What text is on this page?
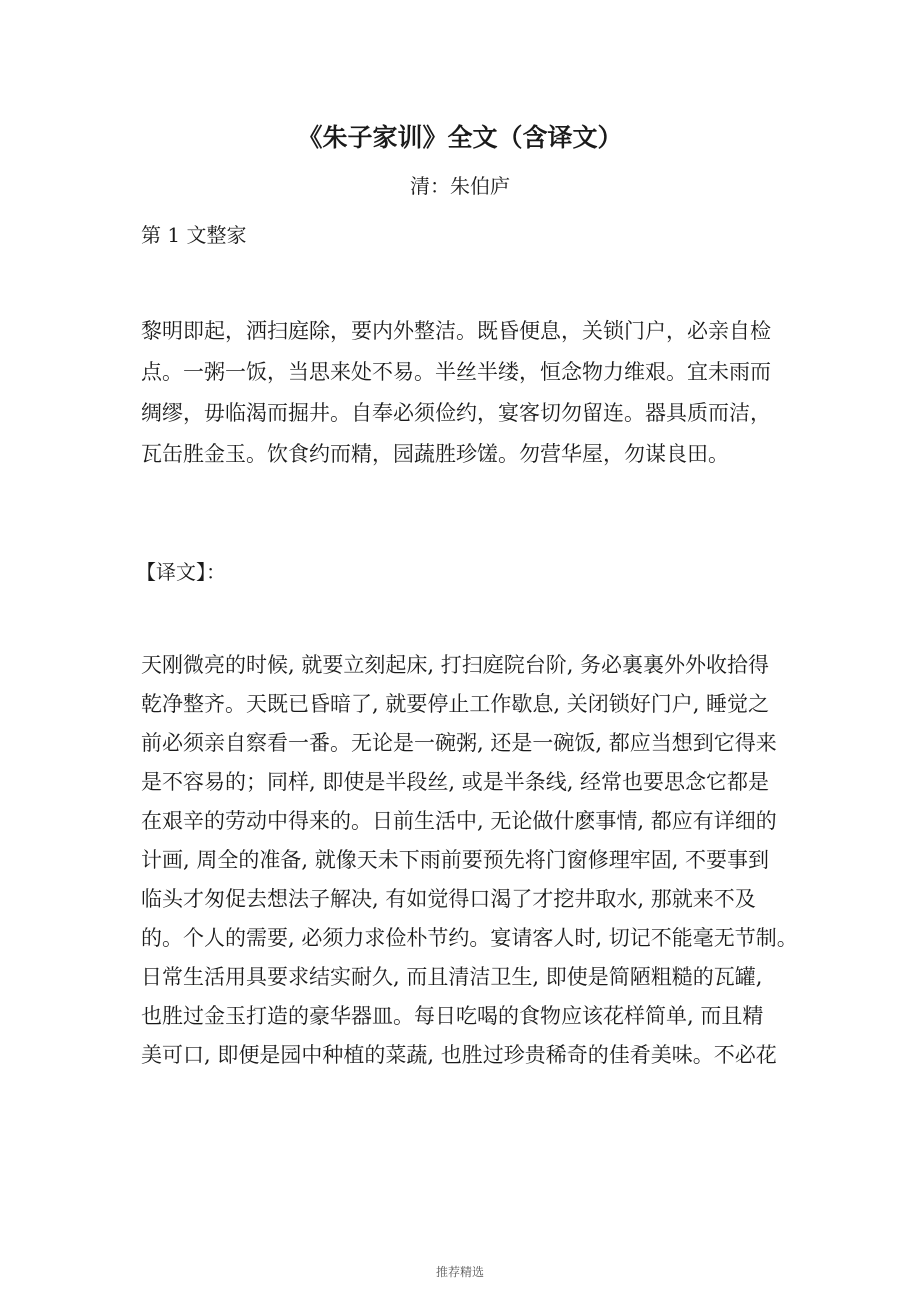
《朱子家训》全文（含译文）
清：朱伯庐
第 1 文整家
黎明即起，洒扫庭除，要内外整洁。既昏便息，关锁门户，必亲自检
点。一粥一饭，当思来处不易。半丝半缕，恒念物力维艰。宜未雨而
绸缪，毋临渴而掘井。自奉必须俭约，宴客切勿留连。器具质而洁，
瓦缶胜金玉。饮食约而精，园蔬胜珍馐。勿营华屋，勿谋良田。
【译文】：
天刚微亮的时候, 就要立刻起床, 打扫庭院台阶, 务必裏裏外外收拾得
乾净整齐。天既已昏暗了, 就要停止工作歇息, 关闭锁好门户, 睡觉之
前必须亲自察看一番。无论是一碗粥, 还是一碗饭, 都应当想到它得来
是不容易的；同样, 即使是半段丝, 或是半条线, 经常也要思念它都是
在艰辛的劳动中得来的。日前生活中, 无论做什麽事情, 都应有详细的
计画, 周全的准备, 就像天未下雨前要预先将门窗修理牢固, 不要事到
临头才匆促去想法子解决, 有如觉得口渴了才挖井取水, 那就来不及
的。个人的需要, 必须力求俭朴节约。宴请客人时, 切记不能毫无节制。
日常生活用具要求结实耐久, 而且清洁卫生, 即使是简陋粗糙的瓦罐,
也胜过金玉打造的豪华器皿。每日吃喝的食物应该花样简单, 而且精
美可口, 即便是园中种植的菜蔬, 也胜过珍贵稀奇的佳肴美味。不必花
推荐精选
